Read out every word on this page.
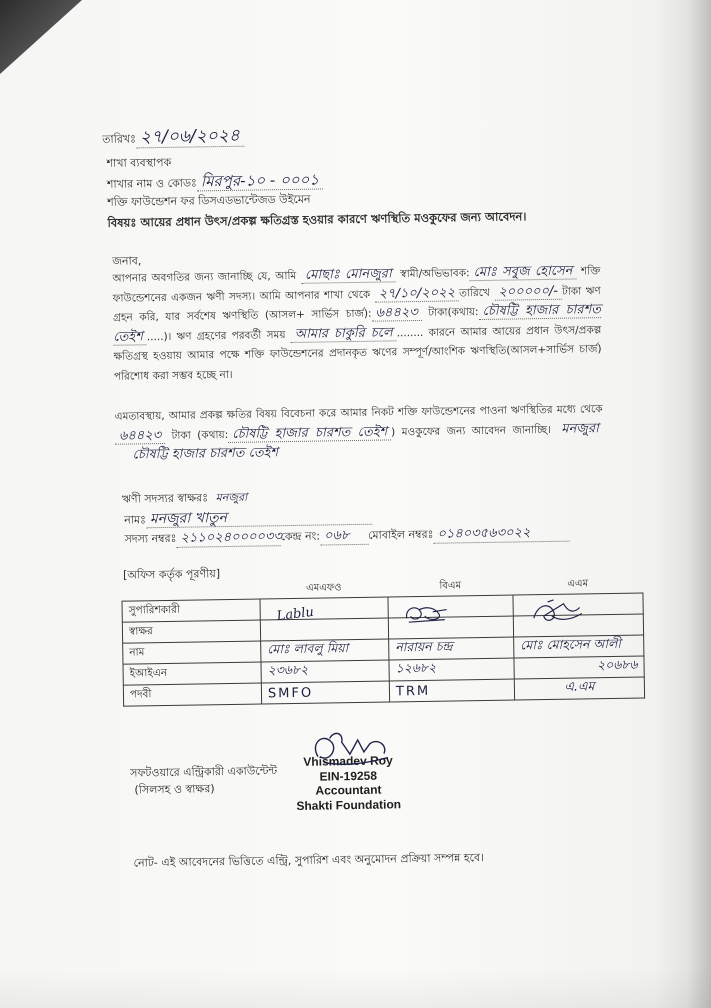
তারিখঃ ২৭/০৬/২০২৪
শাখা ব্যবস্থাপক
শাখার নাম ও কোডঃ মিরপুর-১০ - ০০০১
শক্তি ফাউন্ডেশন ফর ডিসএডভান্টেজড উইমেন
বিষয়ঃ আয়ের প্রধান উৎস/প্রকল্প ক্ষতিগ্রস্ত হওয়ার কারণে ঋণস্থিতি মওকুফের জন্য আবেদন।
জনাব,
আপনার অবগতির জন্য জানাচ্ছি যে, আমি মোছাঃ মোনজুরা স্বামী/অভিভাবক: মোঃ সবুজ হোসেন শক্তি ফাউন্ডেশনের একজন ঋণী সদস্য। আমি আপনার শাখা থেকে ২৭/১০/২০২২ তারিখে ২০০০০০/- টাকা ঋণ গ্রহন করি, যার সর্বশেষ ঋণস্থিতি (আসল+ সার্ভিস চার্জ): ৬৪৪২৩ টাকা(কথায়: চৌষট্টি হাজার চারশত তেইশ .....)। ঋণ গ্রহণের পরবর্তী সময় আমার চাকুরি চলে ........ কারনে আমার আয়ের প্রধান উৎস/প্রকল্প ক্ষতিগ্রস্থ হওয়ায় আমার পক্ষে শক্তি ফাউন্ডেশনের প্রদানকৃত ঋণের সম্পূর্ণ/আংশিক ঋণস্থিতি(আসল+সার্ভিস চার্জ) পরিশোধ করা সম্ভব হচ্ছে না।
এমতাবস্থায়, আমার প্রকল্প ক্ষতির বিষয় বিবেচনা করে আমার নিকট শক্তি ফাউন্ডেশনের পাওনা ঋণস্থিতির মধ্যে থেকে ৬৪৪২৩ টাকা (কথায়: চৌষট্টি হাজার চারশত তেইশ ) মওকুফের জন্য আবেদন জানাচ্ছি। মনজুরা     চৌষট্টি হাজার চারশত তেইশ
ঋণী সদস্যর স্বাক্ষরঃ মনজুরা
নামঃ মনজুরা খাতুন
সদস্য নম্বরঃ ২১১০২৪০০০০৩৩কেন্দ্র নং: ০৬৮ মোবাইল নম্বরঃ ০১৪০৩৫৬৩০২২
[অফিস কর্তৃক পূরণীয়]
	এমএফও	বিএম	এএম
সুপারিশকারী			
স্বাক্ষর	Lablu

নাম	মোঃ লাবলু মিয়া	নারায়ন চন্দ্র	মোঃ মোহসেন আলী
ইআইএন	২৩৬৮২	১২৬৮২	২০৬৮৬
পদবী	SMFO	TRM	এ.এম
সফটওয়ারে এন্ট্রিকারী একাউন্টেন্ট
(সিলসহ ও স্বাক্ষর)
Vhismadev Roy
EIN-19258
Accountant
Shakti Foundation
নোট- এই আবেদনের ভিত্তিতে এন্ট্রি, সুপারিশ এবং অনুমোদন প্রক্রিয়া সম্পন্ন হবে।
